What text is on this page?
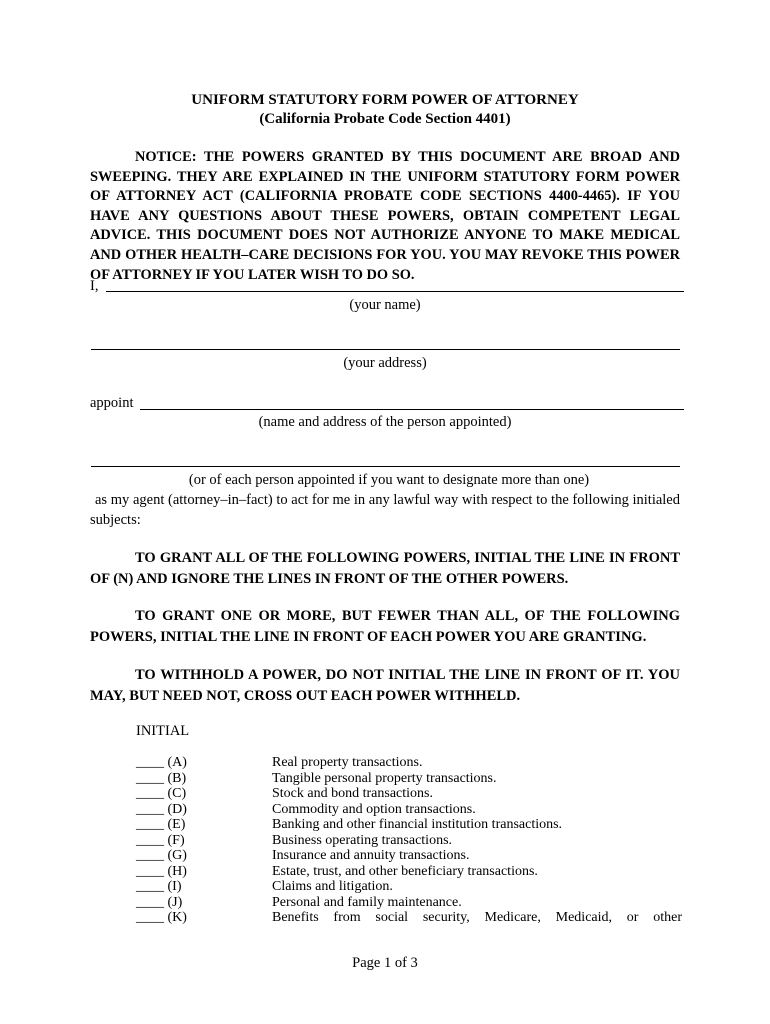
UNIFORM STATUTORY FORM POWER OF ATTORNEY

(California Probate Code Section 4401)

NOTICE: THE POWERS GRANTED BY THIS DOCUMENT ARE BROAD AND SWEEPING. THEY ARE EXPLAINED IN THE UNIFORM STATUTORY FORM POWER OF ATTORNEY ACT (CALIFORNIA PROBATE CODE SECTIONS 4400-4465). IF YOU HAVE ANY QUESTIONS ABOUT THESE POWERS, OBTAIN COMPETENT LEGAL ADVICE. THIS DOCUMENT DOES NOT AUTHORIZE ANYONE TO MAKE MEDICAL AND OTHER HEALTH–CARE DECISIONS FOR YOU. YOU MAY REVOKE THIS POWER OF ATTORNEY IF YOU LATER WISH TO DO SO.

I,

(your name)

(your address)

appoint

(name and address of the person appointed)

(or of each person appointed if you want to designate more than one)

as my agent (attorney–in–fact) to act for me in any lawful way with respect to the following initialed subjects:

TO GRANT ALL OF THE FOLLOWING POWERS, INITIAL THE LINE IN FRONT OF (N) AND IGNORE THE LINES IN FRONT OF THE OTHER POWERS.

TO GRANT ONE OR MORE, BUT FEWER THAN ALL, OF THE FOLLOWING POWERS, INITIAL THE LINE IN FRONT OF EACH POWER YOU ARE GRANTING.

TO WITHHOLD A POWER, DO NOT INITIAL THE LINE IN FRONT OF IT. YOU MAY, BUT NEED NOT, CROSS OUT EACH POWER WITHHELD.

INITIAL

____ (A)	Real property transactions.
____ (B)	Tangible personal property transactions.
____ (C)	Stock and bond transactions.
____ (D)	Commodity and option transactions.
____ (E)	Banking and other financial institution transactions.
____ (F)	Business operating transactions.
____ (G)	Insurance and annuity transactions.
____ (H)	Estate, trust, and other beneficiary transactions.
____ (I)	Claims and litigation.
____ (J)	Personal and family maintenance.
____ (K)	Benefits from social security, Medicare, Medicaid, or other

Page 1 of 3
